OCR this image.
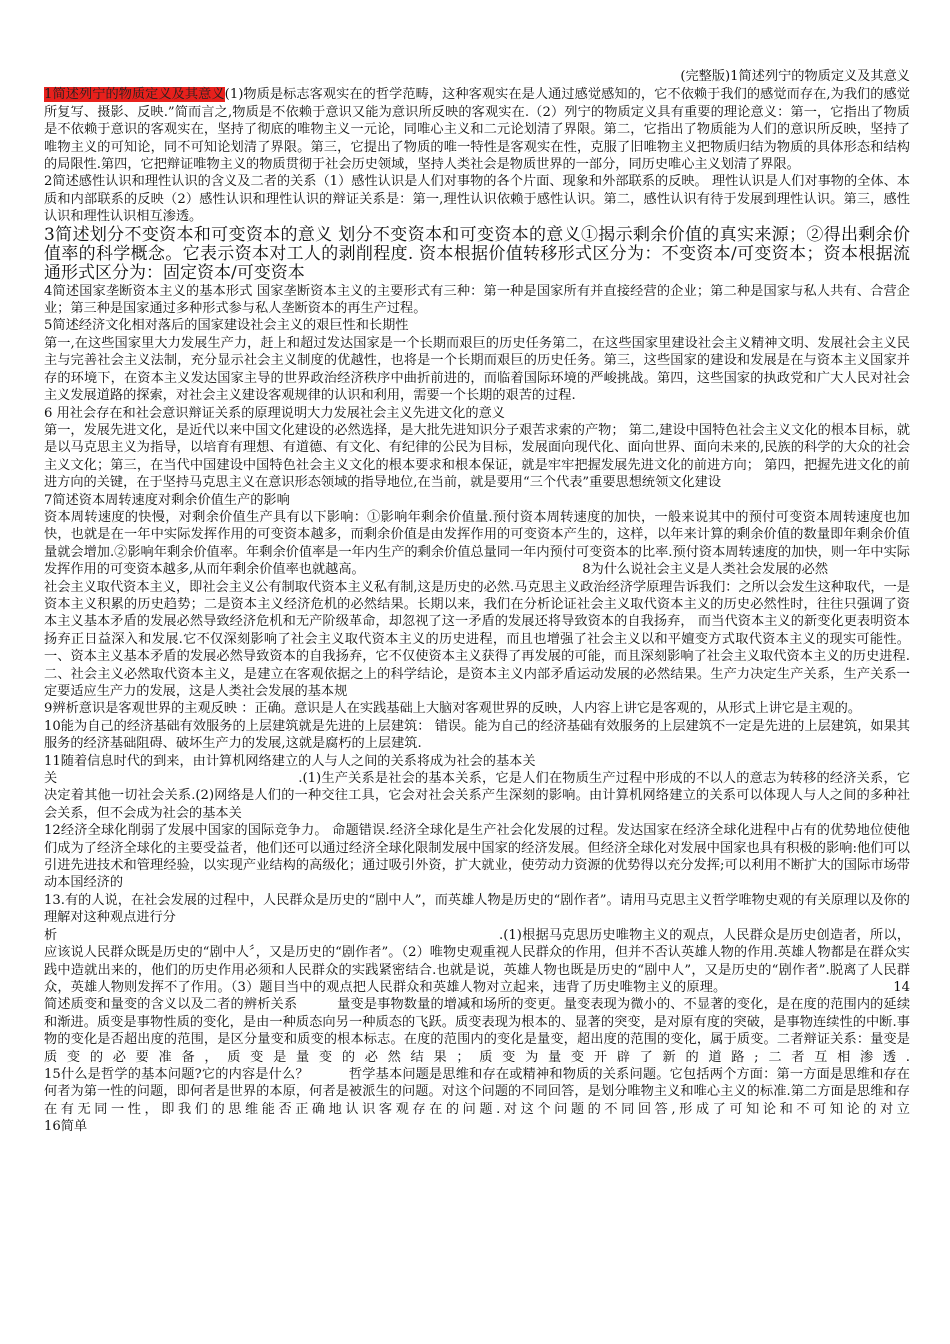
(完整版)1简述列宁的物质定义及其意义

1简述列宁的物质定义及其意义(1)物质是标志客观实在的哲学范畴，这种客观实在是人通过感觉感知的，它不依赖于我们的感觉而存在,为我们的感觉所复写、摄影、反映.”简而言之,物质是不依赖于意识又能为意识所反映的客观实在.（2）列宁的物质定义具有重要的理论意义：第一，它指出了物质是不依赖于意识的客观实在，坚持了彻底的唯物主义一元论，同唯心主义和二元论划清了界限。第二，它指出了物质能为人们的意识所反映，坚持了唯物主义的可知论，同不可知论划清了界限。第三，它提出了物质的唯一特性是客观实在性，克服了旧唯物主义把物质归结为物质的具体形态和结构的局限性.第四，它把辩证唯物主义的物质贯彻于社会历史领域，坚持人类社会是物质世界的一部分，同历史唯心主义划清了界限。

2简述感性认识和理性认识的含义及二者的关系（1）感性认识是人们对事物的各个片面、现象和外部联系的反映。 理性认识是人们对事物的全体、本质和内部联系的反映（2）感性认识和理性认识的辩证关系是：第一,理性认识依赖于感性认识。第二，感性认识有待于发展到理性认识。第三，感性认识和理性认识相互渗透。

3简述划分不变资本和可变资本的意义 划分不变资本和可变资本的意义①揭示剩余价值的真实来源；②得出剩余价值率的科学概念。它表示资本对工人的剥削程度. 资本根据价值转移形式区分为：不变资本/可变资本；资本根据流通形式区分为：固定资本/可变资本

4简述国家垄断资本主义的基本形式 国家垄断资本主义的主要形式有三种：第一种是国家所有并直接经营的企业；第二种是国家与私人共有、合营企业；第三种是国家通过多种形式参与私人垄断资本的再生产过程。

5简述经济文化相对落后的国家建设社会主义的艰巨性和长期性

第一,在这些国家里大力发展生产力，赶上和超过发达国家是一个长期而艰巨的历史任务第二，在这些国家里建设社会主义精神文明、发展社会主义民主与完善社会主义法制，充分显示社会主义制度的优越性，也将是一个长期而艰巨的历史任务。第三，这些国家的建设和发展是在与资本主义国家并存的环境下，在资本主义发达国家主导的世界政治经济秩序中曲折前进的，而临着国际环境的严峻挑战。第四，这些国家的执政党和广大人民对社会主义发展道路的探索，对社会主义建设客观规律的认识和利用，需要一个长期的艰苦的过程.

6 用社会存在和社会意识辩证关系的原理说明大力发展社会主义先进文化的意义

第一，发展先进文化，是近代以来中国文化建设的必然选择，是大批先进知识分子艰苦求索的产物； 第二,建设中国特色社会主义文化的根本目标，就是以马克思主义为指导，以培育有理想、有道德、有文化、有纪律的公民为目标，发展面向现代化、面向世界、面向未来的,民族的科学的大众的社会主义文化；第三，在当代中国建设中国特色社会主义文化的根本要求和根本保证，就是牢牢把握发展先进文化的前进方向； 第四，把握先进文化的前进方向的关键，在于坚持马克思主义在意识形态领域的指导地位,在当前，就是要用“三个代表”重要思想统领文化建设

7简述资本周转速度对剩余价值生产的影响

资本周转速度的快慢，对剩余价值生产具有以下影响：①影响年剩余价值量.预付资本周转速度的加快，一般来说其中的预付可变资本周转速度也加快，也就是在一年中实际发挥作用的可变资本越多，而剩余价值是由发挥作用的可变资本产生的，这样，以年来计算的剩余价值的数量即年剩余价值量就会增加.②影响年剩余价值率。年剩余价值率是一年内生产的剩余价值总量同一年内预付可变资本的比率.预付资本周转速度的加快，则一年中实际发挥作用的可变资本越多,从而年剩余价值率也就越高。　　　　　　　　　　　　　　　　　	8为什么说社会主义是人类社会发展的必然

社会主义取代资本主义，即社会主义公有制取代资本主义私有制,这是历史的必然.马克思主义政治经济学原理告诉我们：之所以会发生这种取代，一是资本主义积累的历史趋势；二是资本主义经济危机的必然结果。长期以来，我们在分析论证社会主义取代资本主义的历史必然性时，往往只强调了资本主义基本矛盾的发展必然导致经济危机和无产阶级革命，却忽视了这一矛盾的发展还将导致资本的自我扬弃， 而当代资本主义的新变化更表明资本扬弃正日益深入和发展.它不仅深刻影响了社会主义取代资本主义的历史进程，而且也增强了社会主义以和平嬗变方式取代资本主义的现实可能性。一、资本主义基本矛盾的发展必然导致资本的自我扬弃，它不仅使资本主义获得了再发展的可能，而且深刻影响了社会主义取代资本主义的历史进程.二、社会主义必然取代资本主义，是建立在客观依据之上的科学结论，是资本主义内部矛盾运动发展的必然结果。生产力决定生产关系，生产关系一定要适应生产力的发展，这是人类社会发展的基本规

9辨析意识是客观世界的主观反映 ：正确。意识是人在实践基础上大脑对客观世界的反映，人内容上讲它是客观的，从形式上讲它是主观的。

10能为自己的经济基础有效服务的上层建筑就是先进的上层建筑： 错误。能为自己的经济基础有效服务的上层建筑不一定是先进的上层建筑，如果其服务的经济基础阻碍、破坏生产力的发展,这就是腐朽的上层建筑.

11随着信息时代的到来，由计算机网络建立的人与人之间的关系将成为社会的基本关

关　　　　　　　　　　　　　　　　　　	.(1)生产关系是社会的基本关系，它是人们在物质生产过程中形成的不以人的意志为转移的经济关系，它决定着其他一切社会关系.(2)网络是人们的一种交往工具，它会对社会关系产生深刻的影响。由计算机网络建立的关系可以体现人与人之间的多种社会关系，但不会成为社会的基本关

12经济全球化削弱了发展中国家的国际竞争力。 命题错误.经济全球化是生产社会化发展的过程。发达国家在经济全球化进程中占有的优势地位使他们成为了经济全球化的主要受益者，他们还可以通过经济全球化限制发展中国家的经济发展。但经济全球化对发展中国家也具有积极的影响:他们可以引进先进技术和管理经验，以实现产业结构的高级化；通过吸引外资，扩大就业，使劳动力资源的优势得以充分发挥;可以利用不断扩大的国际市场带动本国经济的

13.有的人说，在社会发展的过程中，人民群众是历史的“剧中人”，而英雄人物是历史的“剧作者”。请用马克思主义哲学唯物史观的有关原理以及你的理解对这种观点进行分

析　　　　　　　　　　　　　　　　　　　　　　　　　　　　　　　　　	.(1)根据马克思历史唯物主义的观点，人民群众是历史创造者，所以，应该说人民群众既是历史的“剧中人〞，又是历史的“剧作者”。（2）唯物史观重视人民群众的作用，但并不否认英雄人物的作用.英雄人物都是在群众实践中造就出来的，他们的历史作用必须和人民群众的实践紧密结合.也就是说，英雄人物也既是历史的“剧中人”，又是历史的“剧作者”.脱离了人民群众，英雄人物则发挥不了作用。（3）题目当中的观点把人民群众和英雄人物对立起来，违背了历史唯物主义的原理。　　　　　　　　　　　　　	14简述质变和量变的含义以及二者的辨析关系　　　	量变是事物数量的增减和场所的变更。量变表现为微小的、不显著的变化，是在度的范围内的延续和渐进。质变是事物性质的变化，是由一种质态向另一种质态的飞跃。质变表现为根本的、显著的突变，是对原有度的突破，是事物连续性的中断.事物的变化是否超出度的范围，是区分量变和质变的根本标志。在度的范围内的变化是量变，超出度的范围的变化，属于质变。二者辩证关系：量变是质变的必要准备，质变是量变的必然结果；质变为量变开辟了新的道路;二者互相渗透.　　　　　　　　　　　　　　　　　　　　　　　　　　　15什么是哲学的基本问题?它的内容是什么？　　　	哲学基本问题是思维和存在或精神和物质的关系问题。它包括两个方面：第一方面是思维和存在何者为第一性的问题，即何者是世界的本原，何者是被派生的问题。对这个问题的不同回答，是划分唯物主义和唯心主义的标准.第二方面是思维和存在有无同一性，即我们的思维能否正确地认识客观存在的问题.对这个问题的不同回答,形成了可知论和不可知论的对立　　　　　　　　　　　　　　　　　　　　　　　　　　　　　16简单
